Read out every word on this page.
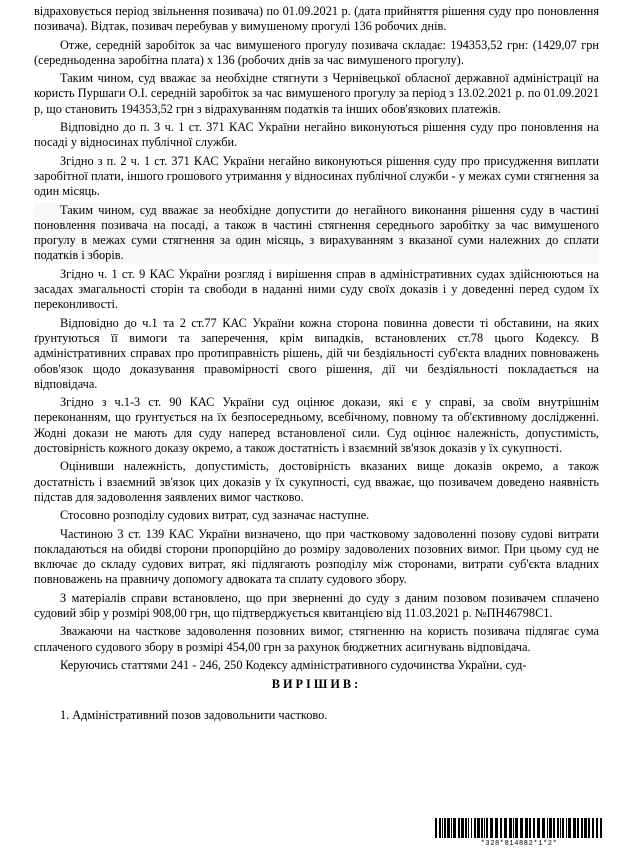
відраховується період звільнення позивача) по 01.09.2021 р. (дата прийняття рішення суду про поновлення позивача). Відтак, позивач перебував у вимушеному прогулі 136 робочих днів.

Отже, середній заробіток за час вимушеного прогулу позивача складає: 194353,52 грн: (1429,07 грн (середньоденна заробітна плата) х 136 (робочих днів за час вимушеного прогулу).

Таким чином, суд вважає за необхідне стягнути з Чернівецької обласної державної адміністрації на користь Пуршаги О.І. середній заробіток за час вимушеного прогулу за період з 13.02.2021 р. по 01.09.2021 р, що становить 194353,52 грн з відрахуванням податків та інших обов'язкових платежів.

Відповідно до п. 3 ч. 1 ст. 371 КАС України негайно виконуються рішення суду про поновлення на посаді у відносинах публічної служби.

Згідно з п. 2 ч. 1 ст. 371 КАС України негайно виконуються рішення суду про присудження виплати заробітної плати, іншого грошового утримання у відносинах публічної служби - у межах суми стягнення за один місяць.

Таким чином, суд вважає за необхідне допустити до негайного виконання рішення суду в частині поновлення позивача на посаді, а також в частині стягнення середнього заробітку за час вимушеного прогулу в межах суми стягнення за один місяць, з вирахуванням з вказаної суми належних до сплати податків і зборів.

Згідно ч. 1 ст. 9 КАС України розгляд і вирішення справ в адміністративних судах здійснюються на засадах змагальності сторін та свободи в наданні ними суду своїх доказів і у доведенні перед судом їх переконливості.

Відповідно до ч.1 та 2 ст.77 КАС України кожна сторона повинна довести ті обставини, на яких ґрунтуються її вимоги та заперечення, крім випадків, встановлених ст.78 цього Кодексу. В адміністративних справах про протиправність рішень, дій чи бездіяльності суб'єкта владних повноважень обов'язок щодо доказування правомірності свого рішення, дії чи бездіяльності покладається на відповідача.

Згідно з ч.1-3 ст. 90 КАС України суд оцінює докази, які є у справі, за своїм внутрішнім переконанням, що ґрунтується на їх безпосередньому, всебічному, повному та об'єктивному дослідженні. Жодні докази не мають для суду наперед встановленої сили. Суд оцінює належність, допустимість, достовірність кожного доказу окремо, а також достатність і взаємний зв'язок доказів у їх сукупності.

Оцінивши належність, допустимість, достовірність вказаних вище доказів окремо, а також достатність і взаємний зв'язок цих доказів у їх сукупності, суд вважає, що позивачем доведено наявність підстав для задоволення заявлених вимог частково.

Стосовно розподілу судових витрат, суд зазначає наступне.

Частиною 3 ст. 139 КАС України визначено, що при частковому задоволенні позову судові витрати покладаються на обидві сторони пропорційно до розміру задоволених позовних вимог. При цьому суд не включає до складу судових витрат, які підлягають розподілу між сторонами, витрати суб'єкта владних повноважень на правничу допомогу адвоката та сплату судового збору.

З матеріалів справи встановлено, що при зверненні до суду з даним позовом позивачем сплачено судовий збір у розмірі 908,00 грн, що підтверджується квитанцією від 11.03.2021 р. №ПН46798С1.

Зважаючи на часткове задоволення позовних вимог, стягненню на користь позивача підлягає сума сплаченого судового збору в розмірі 454,00 грн за рахунок бюджетних асигнувань відповідача.

Керуючись статтями 241 - 246, 250 Кодексу адміністративного судочинства України, суд-

ВИРІШИВ:
1. Адміністративний позов задовольнити частково.
*328*814882*1*2*
